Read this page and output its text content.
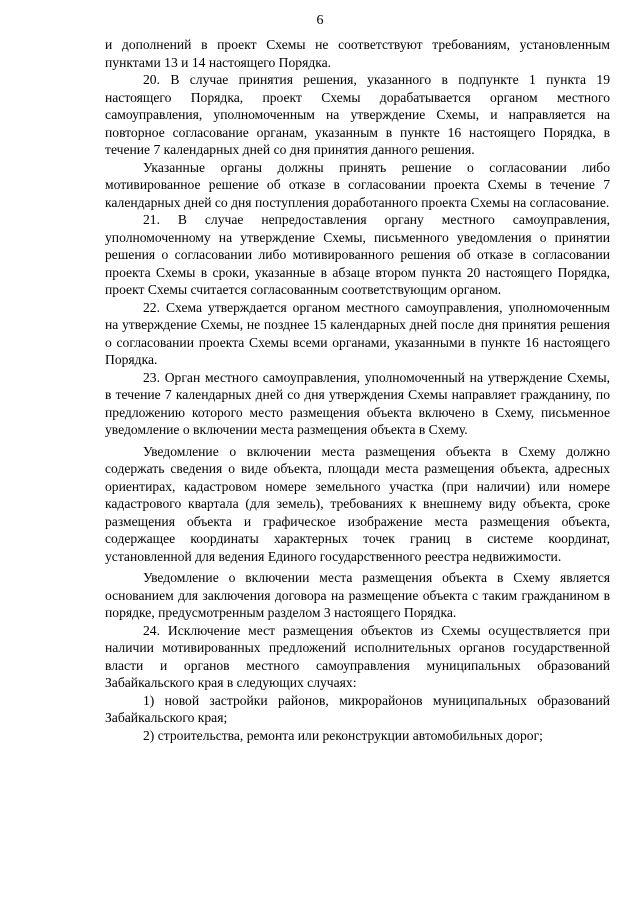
6

и дополнений в проект Схемы не соответствуют требованиям, установленным пунктами 13 и 14 настоящего Порядка.

20. В случае принятия решения, указанного в подпункте 1 пункта 19 настоящего Порядка, проект Схемы дорабатывается органом местного самоуправления, уполномоченным на утверждение Схемы, и направляется на повторное согласование органам, указанным в пункте 16 настоящего Порядка, в течение 7 календарных дней со дня принятия данного решения.

Указанные органы должны принять решение о согласовании либо мотивированное решение об отказе в согласовании проекта Схемы в течение 7 календарных дней со дня поступления доработанного проекта Схемы на согласование.

21. В случае непредоставления органу местного самоуправления, уполномоченному на утверждение Схемы, письменного уведомления о принятии решения о согласовании либо мотивированного решения об отказе в согласовании проекта Схемы в сроки, указанные в абзаце втором пункта 20 настоящего Порядка, проект Схемы считается согласованным соответствующим органом.

22. Схема утверждается органом местного самоуправления, уполномоченным на утверждение Схемы, не позднее 15 календарных дней после дня принятия решения о согласовании проекта Схемы всеми органами, указанными в пункте 16 настоящего Порядка.

23. Орган местного самоуправления, уполномоченный на утверждение Схемы, в течение 7 календарных дней со дня утверждения Схемы направляет гражданину, по предложению которого место размещения объекта включено в Схему, письменное уведомление о включении места размещения объекта в Схему.

Уведомление о включении места размещения объекта в Схему должно содержать сведения о виде объекта, площади места размещения объекта, адресных ориентирах, кадастровом номере земельного участка (при наличии) или номере кадастрового квартала (для земель), требованиях к внешнему виду объекта, сроке размещения объекта и графическое изображение места размещения объекта, содержащее координаты характерных точек границ в системе координат, установленной для ведения Единого государственного реестра недвижимости.

Уведомление о включении места размещения объекта в Схему является основанием для заключения договора на размещение объекта с таким гражданином в порядке, предусмотренным разделом 3 настоящего Порядка.

24. Исключение мест размещения объектов из Схемы осуществляется при наличии мотивированных предложений исполнительных органов государственной власти и органов местного самоуправления муниципальных образований Забайкальского края в следующих случаях:

1) новой застройки районов, микрорайонов муниципальных образований Забайкальского края;

2) строительства, ремонта или реконструкции автомобильных дорог;
